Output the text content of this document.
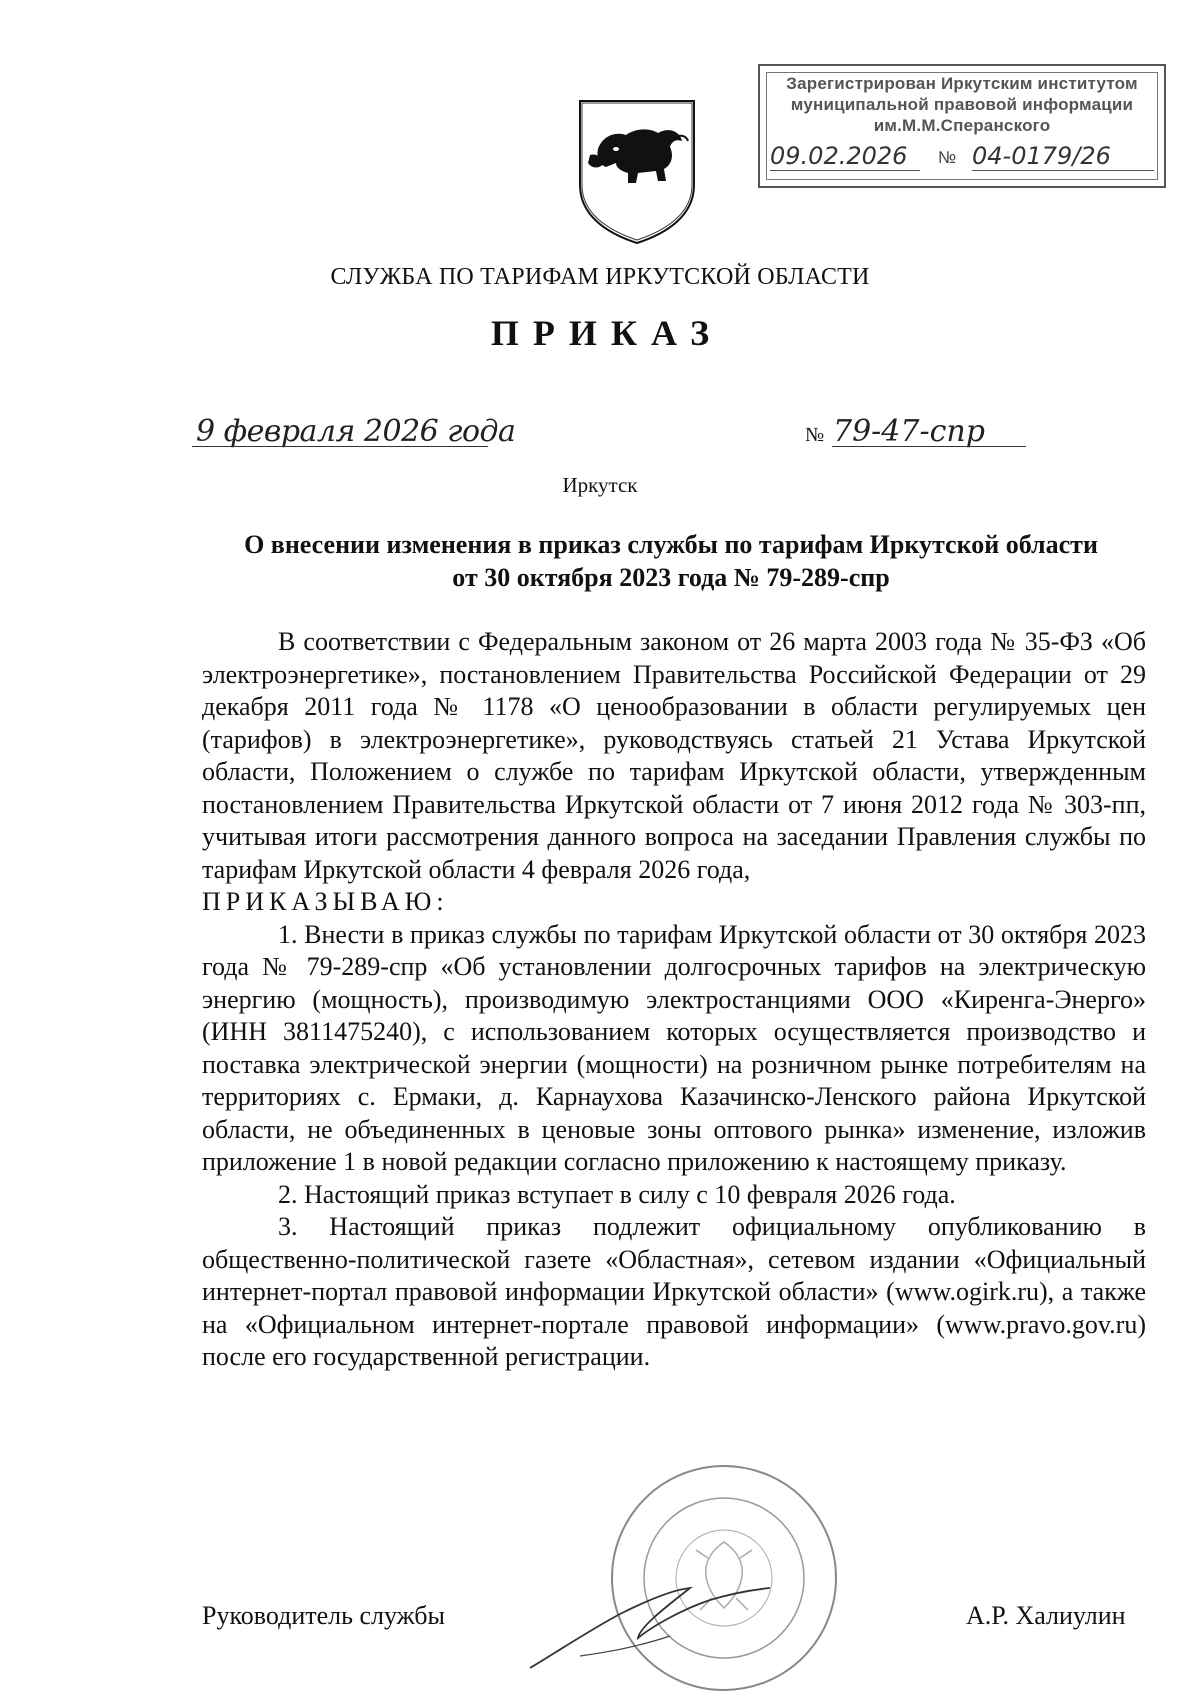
Зарегистрирован Иркутским институтом
муниципальной правовой информации
им.М.М.Сперанского
09.02.2026	№ 04-0179/26
СЛУЖБА ПО ТАРИФАМ ИРКУТСКОЙ ОБЛАСТИ
ПРИКАЗ
9 февраля 2026 года	№ 79-47-спр
Иркутск
О внесении изменения в приказ службы по тарифам Иркутской области
от 30 октября 2023 года № 79-289-спр

В соответствии с Федеральным законом от 26 марта 2003 года № 35-ФЗ «Об электроэнергетике», постановлением Правительства Российской Федерации от 29 декабря 2011 года № 1178 «О ценообразовании в области регулируемых цен (тарифов) в электроэнергетике», руководствуясь статьей 21 Устава Иркутской области, Положением о службе по тарифам Иркутской области, утвержденным постановлением Правительства Иркутской области от 7 июня 2012 года № 303-пп, учитывая итоги рассмотрения данного вопроса на заседании Правления службы по тарифам Иркутской области 4 февраля 2026 года,

ПРИКАЗЫВАЮ:

1. Внести в приказ службы по тарифам Иркутской области от 30 октября 2023 года № 79-289-спр «Об установлении долгосрочных тарифов на электрическую энергию (мощность), производимую электростанциями ООО «Киренга-Энерго» (ИНН 3811475240), с использованием которых осуществляется производство и поставка электрической энергии (мощности) на розничном рынке потребителям на территориях с. Ермаки, д. Карнаухова Казачинско-Ленского района Иркутской области, не объединенных в ценовые зоны оптового рынка» изменение, изложив приложение 1 в новой редакции согласно приложению к настоящему приказу.

2. Настоящий приказ вступает в силу с 10 февраля 2026 года.

3. Настоящий приказ подлежит официальному опубликованию в общественно-политической газете «Областная», сетевом издании «Официальный интернет-портал правовой информации Иркутской области» (www.ogirk.ru), а также на «Официальном интернет-портале правовой информации» (www.pravo.gov.ru) после его государственной регистрации.

Руководитель службы	А.Р. Халиулин
